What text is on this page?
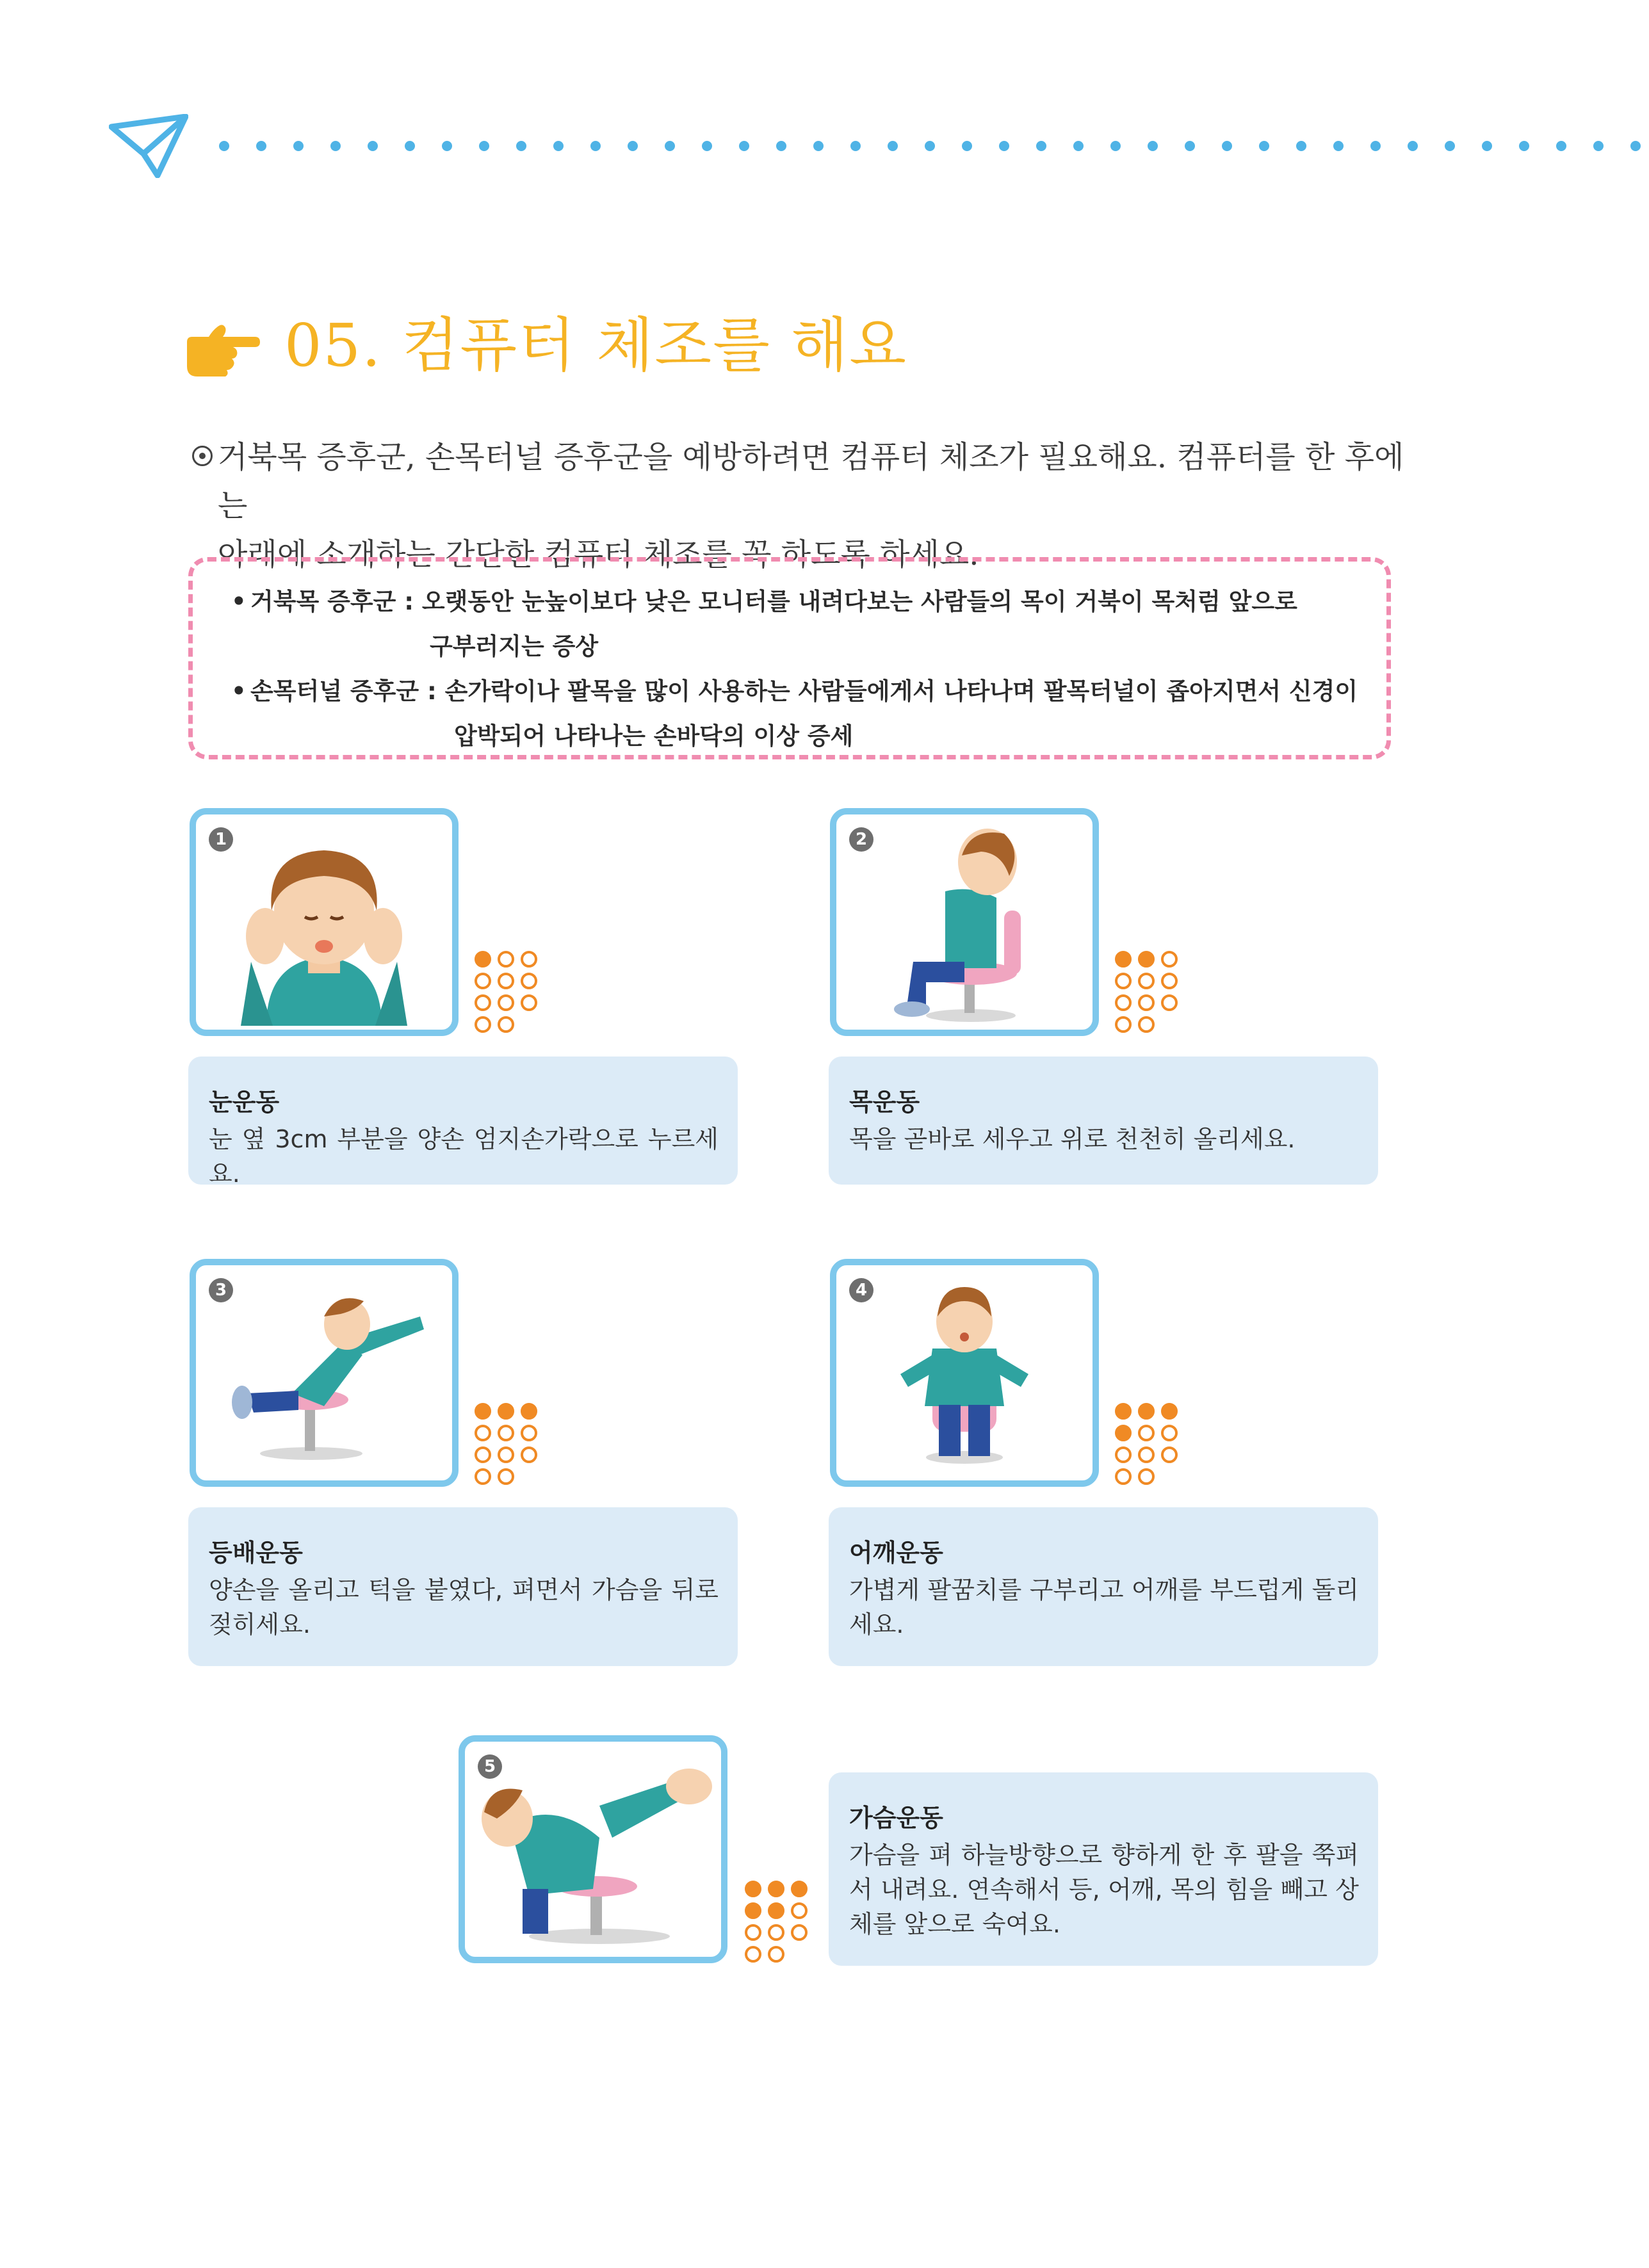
05. 컴퓨터 체조를 해요

거북목 증후군, 손목터널 증후군을 예방하려면 컴퓨터 체조가 필요해요. 컴퓨터를 한 후에는

아래에 소개하는 간단한 컴퓨터 체조를 꼭 하도록 하세요.

• 거북목 증후군 : 오랫동안 눈높이보다 낮은 모니터를 내려다보는 사람들의 목이 거북이 목처럼 앞으로
구부러지는 증상
• 손목터널 증후군 : 손가락이나 팔목을 많이 사용하는 사람들에게서 나타나며 팔목터널이 좁아지면서 신경이
압박되어 나타나는 손바닥의 이상 증세
1
눈운동

눈 옆 3cm 부분을 양손 엄지손가락으로 누르세요.

2
목운동

목을 곧바로 세우고 위로 천천히 올리세요.

3
등배운동

양손을 올리고 턱을 붙였다, 펴면서 가슴을 뒤로 젖히세요.

4
어깨운동

가볍게 팔꿈치를 구부리고 어깨를 부드럽게 돌리세요.

5
가슴운동

가슴을 펴 하늘방향으로 향하게 한 후 팔을 쭉펴서 내려요. 연속해서 등, 어깨, 목의 힘을 빼고 상체를 앞으로 숙여요.
